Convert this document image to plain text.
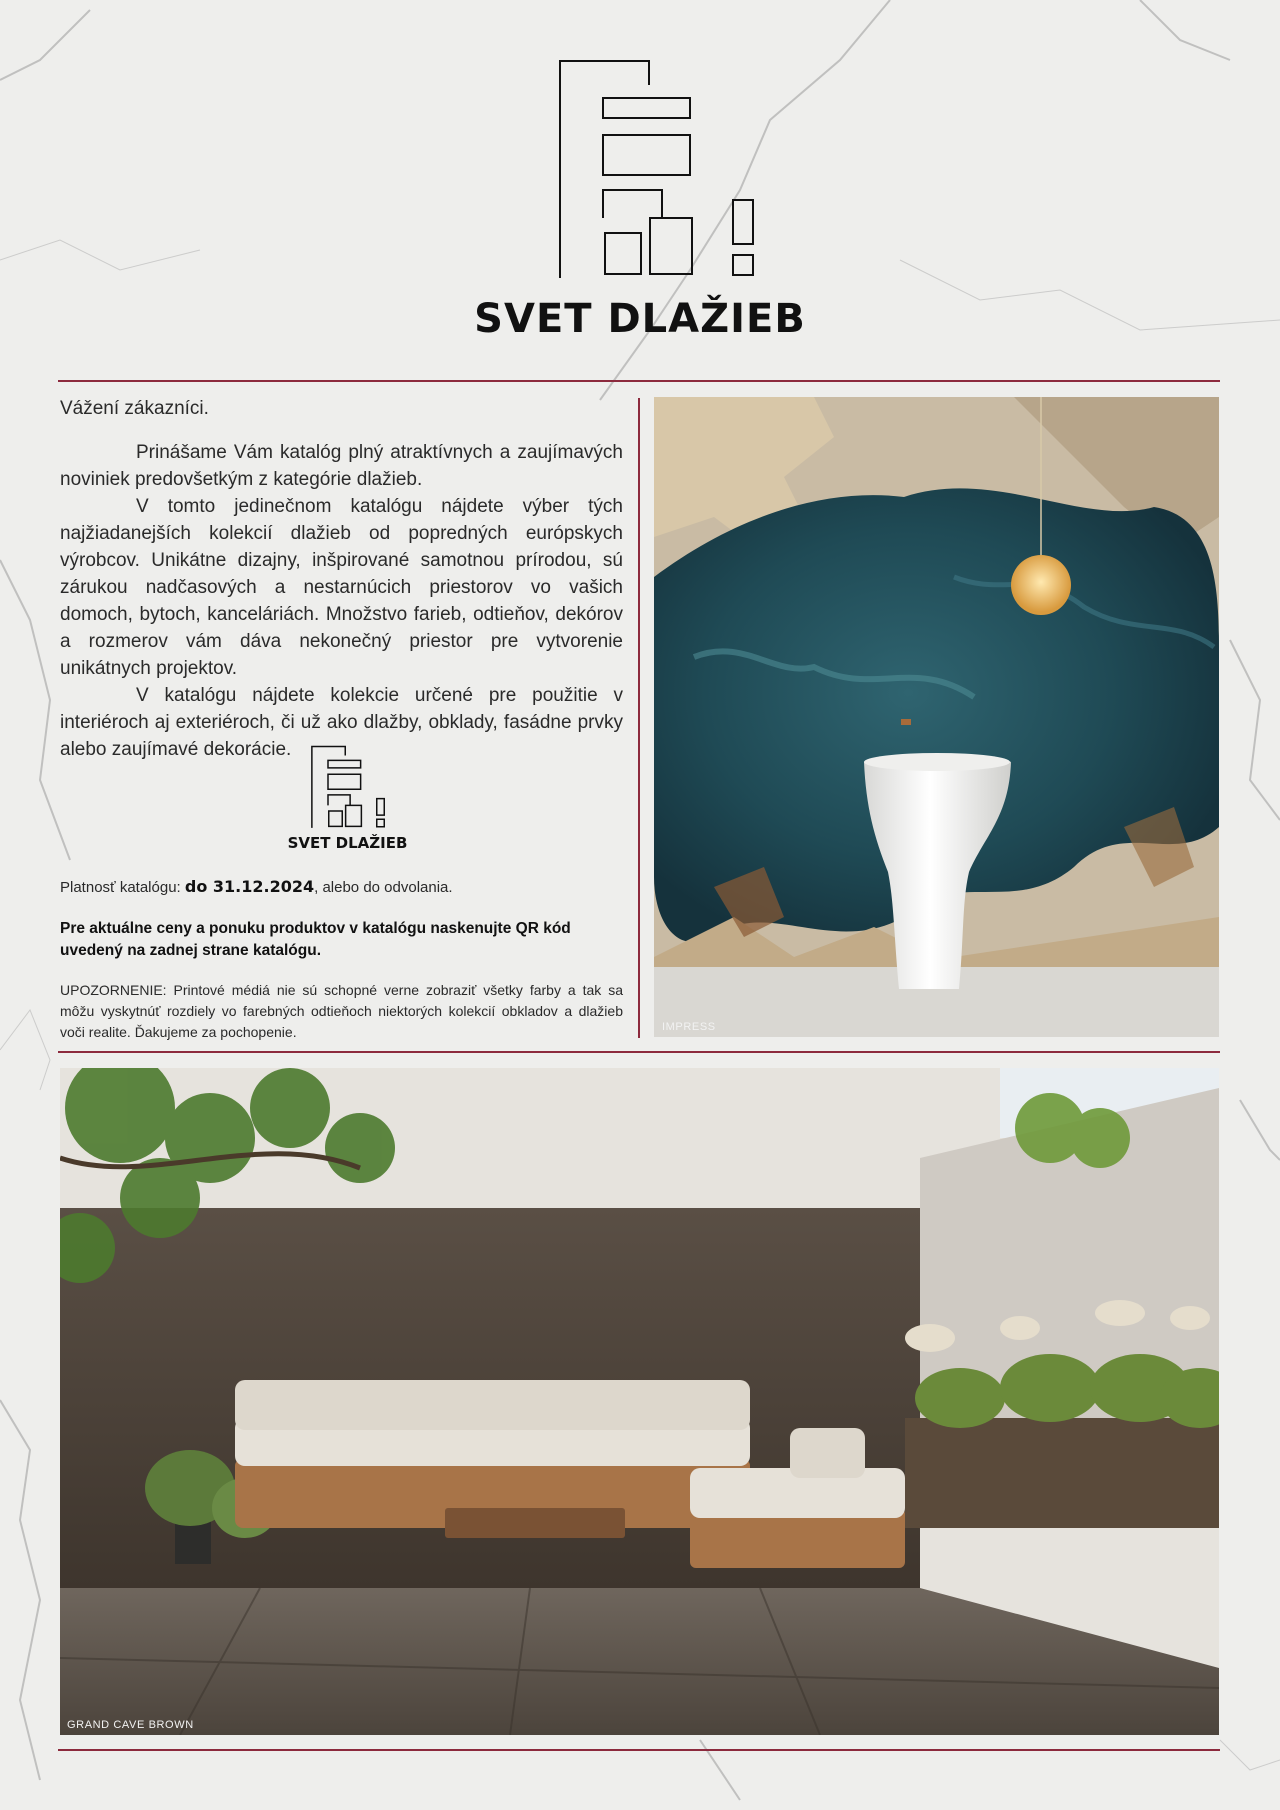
SVET DLAŽIEB

Vážení zákazníci.

Prinášame Vám katalóg plný atraktívnych a zaujímavých noviniek predovšetkým z kategórie dlažieb.

V tomto jedinečnom katalógu nájdete výber tých najžiadanejších kolekcií dlažieb od popredných európskych výrobcov. Unikátne dizajny, inšpirované samotnou prírodou, sú zárukou nadčasových a nestarnúcich priestorov vo vašich domoch, bytoch, kanceláriách. Množstvo farieb, odtieňov, dekórov a rozmerov vám dáva nekonečný priestor pre vytvorenie unikátnych projektov.

V katalógu nájdete kolekcie určené pre použitie v interiéroch aj exteriéroch, či už ako dlažby, obklady, fasádne prvky alebo zaujímavé dekorácie.

SVET DLAŽIEB
Platnosť katalógu: do 31.12.2024, alebo do odvolania.
Pre aktuálne ceny a ponuku produktov v katalógu naskenujte QR kód uvedený na zadnej strane katalógu.
UPOZORNENIE: Printové médiá nie sú schopné verne zobraziť všetky farby a tak sa môžu vyskytnúť rozdiely vo farebných odtieňoch niektorých kolekcií obkladov a dlažieb voči realite. Ďakujeme za pochopenie.	IMPRESS
GRAND CAVE BROWN
